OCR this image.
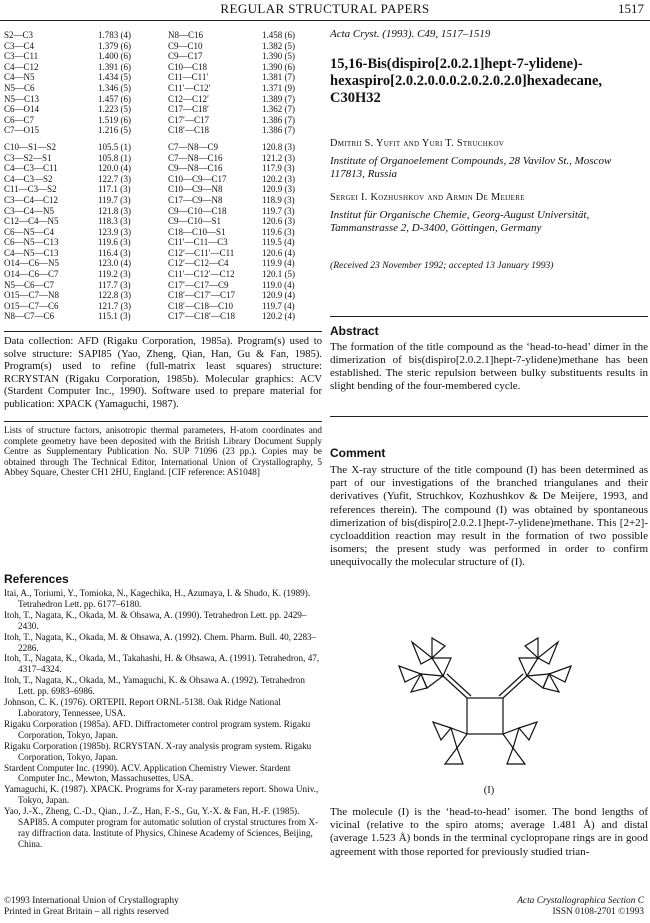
REGULAR STRUCTURAL PAPERS	1517
S2—C3	1.783 (4)
C3—C4	1.379 (6)
C3—C11	1.400 (6)
C4—C12	1.391 (6)
C4—N5	1.434 (5)
N5—C6	1.346 (5)
N5—C13	1.457 (6)
C6—O14	1.223 (5)
C6—C7	1.519 (6)
C7—O15	1.216 (5)
C10—S1—S2	105.5 (1)
C3—S2—S1	105.8 (1)
C4—C3—C11	120.0 (4)
C4—C3—S2	122.7 (3)
C11—C3—S2	117.1 (3)
C3—C4—C12	119.7 (3)
C3—C4—N5	121.8 (3)
C12—C4—N5	118.3 (3)
C6—N5—C4	123.9 (3)
C6—N5—C13	119.6 (3)
C4—N5—C13	116.4 (3)
O14—C6—N5	123.0 (4)
O14—C6—C7	119.2 (3)
N5—C6—C7	117.7 (3)
O15—C7—N8	122.8 (3)
O15—C7—C6	121.7 (3)
N8—C7—C6	115.1 (3)
N8—C16	1.458 (6)
C9—C10	1.382 (5)
C9—C17	1.390 (5)
C10—C18	1.390 (6)
C11—C11′	1.381 (7)
C11′—C12′	1.371 (9)
C12—C12′	1.389 (7)
C17—C18′	1.362 (7)
C17′—C17	1.386 (7)
C18′—C18	1.386 (7)
C7—N8—C9	120.8 (3)
C7—N8—C16	121.2 (3)
C9—N8—C16	117.9 (3)
C10—C9—C17	120.2 (3)
C10—C9—N8	120.9 (3)
C17—C9—N8	118.9 (3)
C9—C10—C18	119.7 (3)
C9—C10—S1	120.6 (3)
C18—C10—S1	119.6 (3)
C11′—C11—C3	119.5 (4)
C12′—C11′—C11	120.6 (4)
C12′—C12—C4	119.9 (4)
C11′—C12′—C12	120.1 (5)
C17′—C17—C9	119.0 (4)
C18′—C17′—C17	120.9 (4)
C18′—C18—C10	119.7 (4)
C17′—C18′—C18	120.2 (4)
Data collection: AFD (Rigaku Corporation, 1985a). Program(s) used to solve structure: SAPI85 (Yao, Zheng, Qian, Han, Gu & Fan, 1985). Program(s) used to refine (full-matrix least squares) structure: RCRYSTAN (Rigaku Corporation, 1985b). Molecular graphics: ACV (Stardent Computer Inc., 1990). Software used to prepare material for publication: XPACK (Yamaguchi, 1987).
Lists of structure factors, anisotropic thermal parameters, H-atom coordinates and complete geometry have been deposited with the British Library Document Supply Centre as Supplementary Publication No. SUP 71096 (23 pp.). Copies may be obtained through The Technical Editor, International Union of Crystallography, 5 Abbey Square, Chester CH1 2HU, England. [CIF reference: AS1048]
References

Itai, A., Toriumi, Y., Tomioka, N., Kagechika, H., Azumaya, I. & Shudo, K. (1989). Tetrahedron Lett. pp. 6177–6180.

Itoh, T., Nagata, K., Okada, M. & Ohsawa, A. (1990). Tetrahedron Lett. pp. 2429–2430.

Itoh, T., Nagata, K., Okada, M. & Ohsawa, A. (1992). Chem. Pharm. Bull. 40, 2283–2286.

Itoh, T., Nagata, K., Okada, M., Takahashi, H. & Ohsawa, A. (1991). Tetrahedron, 47, 4317–4324.

Itoh, T., Nagata, K., Okada, M., Yamaguchi, K. & Ohsawa A. (1992). Tetrahedron Lett. pp. 6983–6986.

Johnson, C. K. (1976). ORTEPII. Report ORNL-5138. Oak Ridge National Laboratory, Tennessee, USA.

Rigaku Corporation (1985a). AFD. Diffractometer control program system. Rigaku Corporation, Tokyo, Japan.

Rigaku Corporation (1985b). RCRYSTAN. X-ray analysis program system. Rigaku Corporation, Tokyo, Japan.

Stardent Computer Inc. (1990). ACV. Application Chemistry Viewer. Stardent Computer Inc., Mewton, Massachusettes, USA.

Yamaguchi, K. (1987). XPACK. Programs for X-ray parameters report. Showa Univ., Tokyo, Japan.

Yao, J.-X., Zheng, C.-D., Qian., J.-Z., Han, F.-S., Gu, Y.-X. & Fan, H.-F. (1985). SAPI85. A computer program for automatic solution of crystal structures from X-ray diffraction data. Institute of Physics, Chinese Academy of Sciences, Beijing, China.

Acta Cryst. (1993). C49, 1517–1519
15,16-Bis(dispiro[2.0.2.1]hept-7-ylidene)-hexaspiro[2.0.2.0.0.0.2.0.2.0.2.0]hexadecane, C30H32
Dmitrii S. Yufit and Yuri T. Struchkov
Institute of Organoelement Compounds, 28 Vavilov St., Moscow 117813, Russia
Sergei I. Kozhushkov and Armin De Meijere
Institut für Organische Chemie, Georg-August Universität, Tammanstrasse 2, D-3400, Göttingen, Germany
(Received 23 November 1992; accepted 13 January 1993)
Abstract
The formation of the title compound as the ‘head-to-head’ dimer in the dimerization of bis(dispiro[2.0.2.1]hept-7-ylidene)methane has been established. The steric repulsion between bulky substituents results in slight bending of the four-membered cycle.
Comment
The X-ray structure of the title compound (I) has been determined as part of our investigations of the branched triangulanes and their derivatives (Yufit, Struchkov, Kozhushkov & De Meijere, 1993, and references therein). The compound (I) was obtained by spontaneous dimerization of bis(dispiro[2.0.2.1]hept-7-ylidene)methane. This [2+2]-cycloaddition reaction may result in the formation of two possible isomers; the present study was performed in order to confirm unequivocally the molecular structure of (I).
(I)
The molecule (I) is the ‘head-to-head’ isomer. The bond lengths of vicinal (relative to the spiro atoms; average 1.481 Å) and distal (average 1.523 Å) bonds in the terminal cyclopropane rings are in good agreement with those reported for previously studied trian-
©1993 International Union of Crystallography
Printed in Great Britain – all rights reserved
Acta Crystallographica Section C
ISSN 0108-2701 ©1993
